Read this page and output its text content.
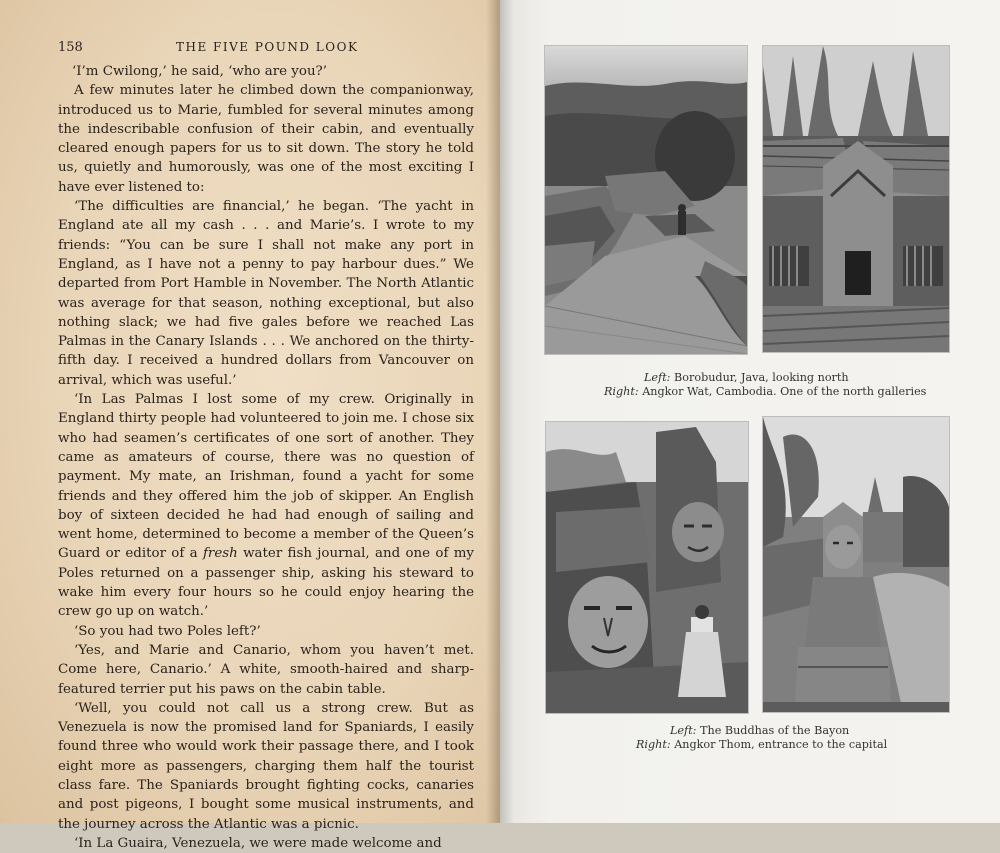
158	THE FIVE POUND LOOK

‘I’m Cwilong,’ he said, ‘who are you?’

A few minutes later he climbed down the companionway, introduced us to Marie, fumbled for several minutes among the indescribable confusion of their cabin, and eventually cleared enough papers for us to sit down. The story he told us, quietly and humorously, was one of the most exciting I have ever listened to:

‘The difficulties are financial,’ he began. ‘The yacht in England ate all my cash . . . and Marie’s. I wrote to my friends: “You can be sure I shall not make any port in England, as I have not a penny to pay harbour dues.” We departed from Port Hamble in November. The North Atlantic was average for that season, nothing exceptional, but also nothing slack; we had five gales before we reached Las Palmas in the Canary Islands . . . We anchored on the thirty-fifth day. I received a hundred dollars from Vancouver on arrival, which was useful.’

‘In Las Palmas I lost some of my crew. Originally in England thirty people had volunteered to join me. I chose six who had seamen’s certificates of one sort of another. They came as amateurs of course, there was no question of payment. My mate, an Irishman, found a yacht for some friends and they offered him the job of skipper. An English boy of sixteen decided he had had enough of sailing and went home, determined to become a member of the Queen’s Guard or editor of a fresh water fish journal, and one of my Poles returned on a passenger ship, asking his steward to wake him every four hours so he could enjoy hearing the crew go up on watch.’

‘So you had two Poles left?’

‘Yes, and Marie and Canario, whom you haven’t met. Come here, Canario.’ A white, smooth-haired and sharp-featured terrier put his paws on the cabin table.

‘Well, you could not call us a strong crew. But as Venezuela is now the promised land for Spaniards, I easily found three who would work their passage there, and I took eight more as passengers, charging them half the tourist class fare. The Spaniards brought fighting cocks, canaries and post pigeons, I bought some musical instruments, and the journey across the Atlantic was a picnic.

‘In La Guaira, Venezuela, we were made welcome and

Left: Borobudur, Java, looking north
Right: Angkor Wat, Cambodia. One of the north galleries
Left: The Buddhas of the Bayon
Right: Angkor Thom, entrance to the capital
